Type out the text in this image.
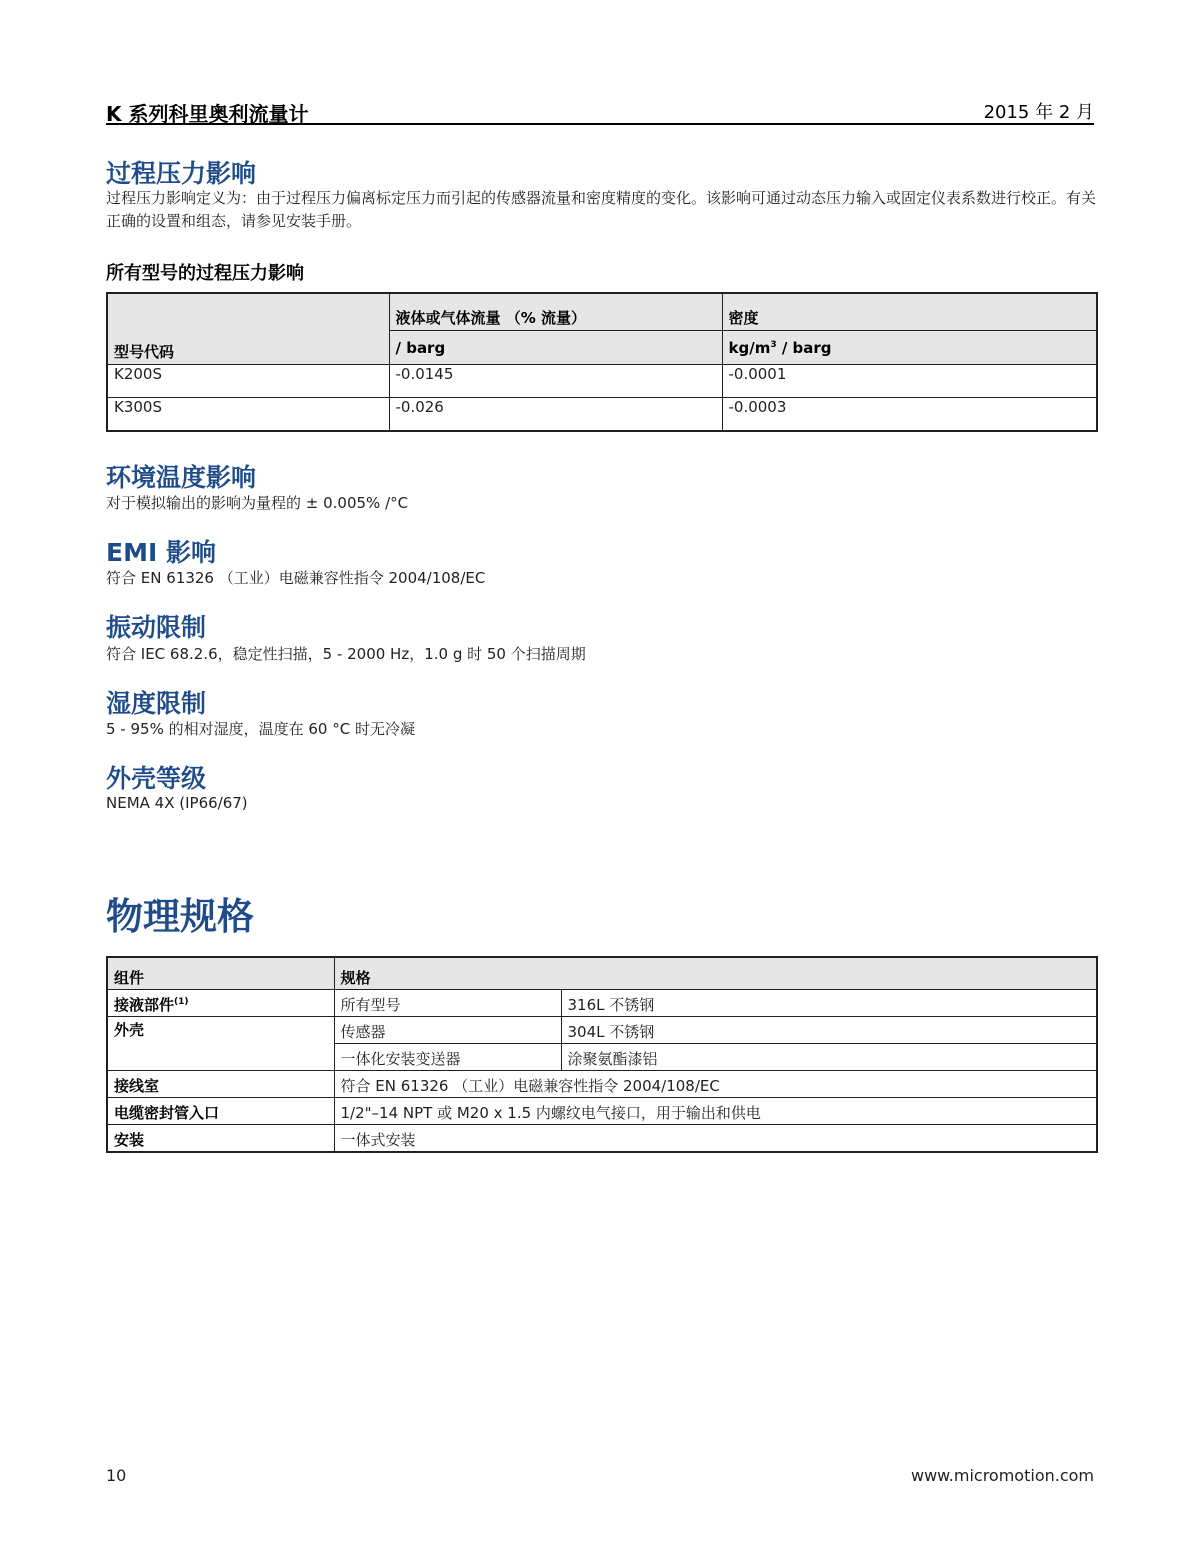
K 系列科里奥利流量计	2015 年 2 月
过程压力影响

过程压力影响定义为：由于过程压力偏离标定压力而引起的传感器流量和密度精度的变化。该影响可通过动态压力输入或固定仪表系数进行校正。有关正确的设置和组态，请参见安装手册。

所有型号的过程压力影响
型号代码	液体或气体流量 （% 流量）	密度
	/ barg	$kg/m^3$ / barg
K200S	-0.0145	-0.0001
K300S	-0.026	-0.0003
环境温度影响

对于模拟输出的影响为量程的 ± 0.005% /°C

EMI 影响

符合 EN 61326 （工业）电磁兼容性指令 2004/108/EC

振动限制

符合 IEC 68.2.6，稳定性扫描，5 - 2000 Hz，1.0 g 时 50 个扫描周期

湿度限制

5 - 95% 的相对湿度，温度在 60 °C 时无冷凝

外壳等级

NEMA 4X (IP66/67)

物理规格
组件	规格	
接液部件$^{(1)}$	所有型号	316L 不锈钢
外壳	传感器	304L 不锈钢
	一体化安装变送器	涂聚氨酯漆铝
接线室	符合 EN 61326 （工业）电磁兼容性指令 2004/108/EC	
电缆密封管入口	1/2"–14 NPT 或 M20 x 1.5 内螺纹电气接口，用于输出和供电	
安装	一体式安装	
10	www.micromotion.com
